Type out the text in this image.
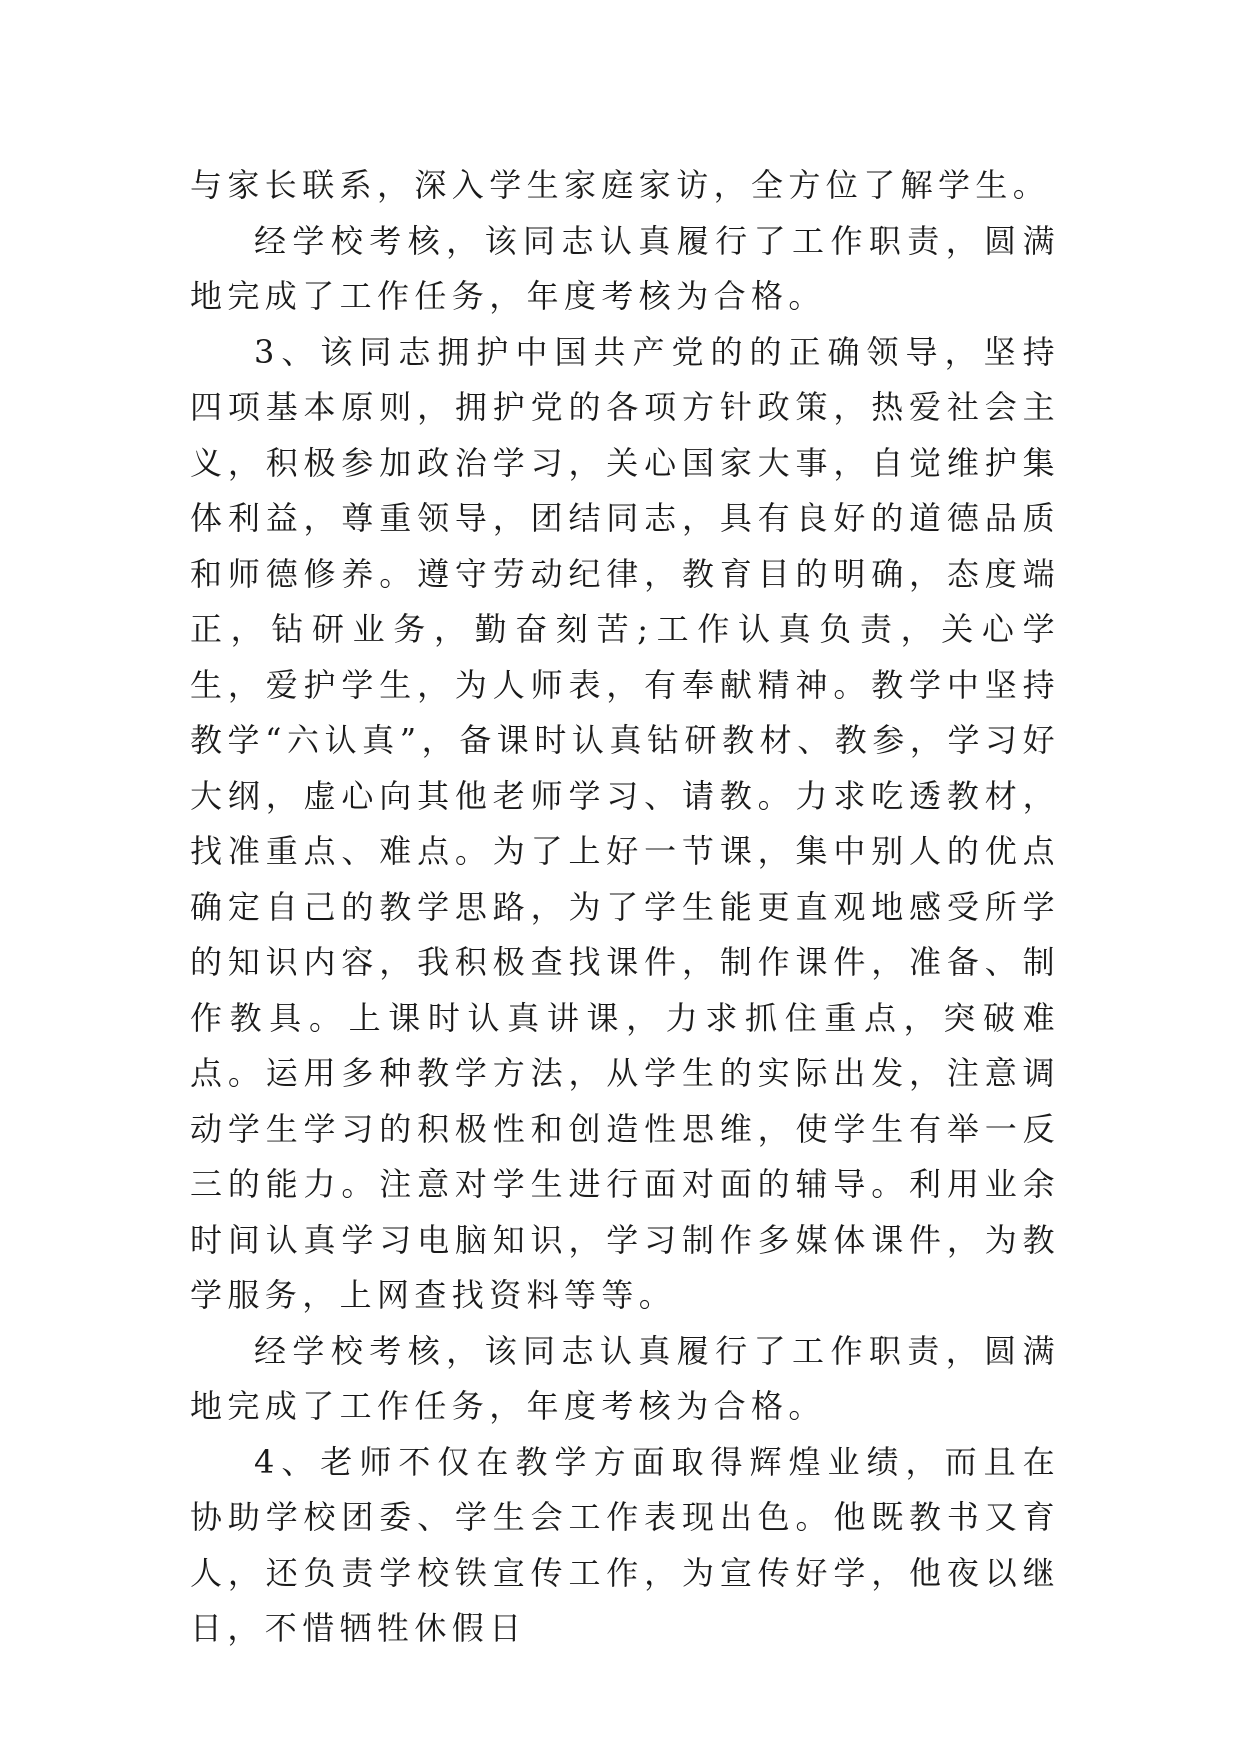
与家长联系，深入学生家庭家访，全方位了解学生。

经学校考核，该同志认真履行了工作职责，圆满地完成了工作任务，年度考核为合格。

3、该同志拥护中国共产党的的正确领导，坚持四项基本原则，拥护党的各项方针政策，热爱社会主义，积极参加政治学习，关心国家大事，自觉维护集体利益，尊重领导，团结同志，具有良好的道德品质和师德修养。遵守劳动纪律，教育目的明确，态度端正，钻研业务，勤奋刻苦;工作认真负责，关心学生，爱护学生，为人师表，有奉献精神。教学中坚持教学“六认真”，备课时认真钻研教材、教参，学习好大纲，虚心向其他老师学习、请教。力求吃透教材，找准重点、难点。为了上好一节课，集中别人的优点确定自己的教学思路，为了学生能更直观地感受所学的知识内容，我积极查找课件，制作课件，准备、制作教具。上课时认真讲课，力求抓住重点，突破难点。运用多种教学方法，从学生的实际出发，注意调动学生学习的积极性和创造性思维，使学生有举一反三的能力。注意对学生进行面对面的辅导。利用业余时间认真学习电脑知识，学习制作多媒体课件，为教学服务，上网查找资料等等。

经学校考核，该同志认真履行了工作职责，圆满地完成了工作任务，年度考核为合格。

4、老师不仅在教学方面取得辉煌业绩，而且在协助学校团委、学生会工作表现出色。他既教书又育人，还负责学校铁宣传工作，为宣传好学，他夜以继日，不惜牺牲休假日
